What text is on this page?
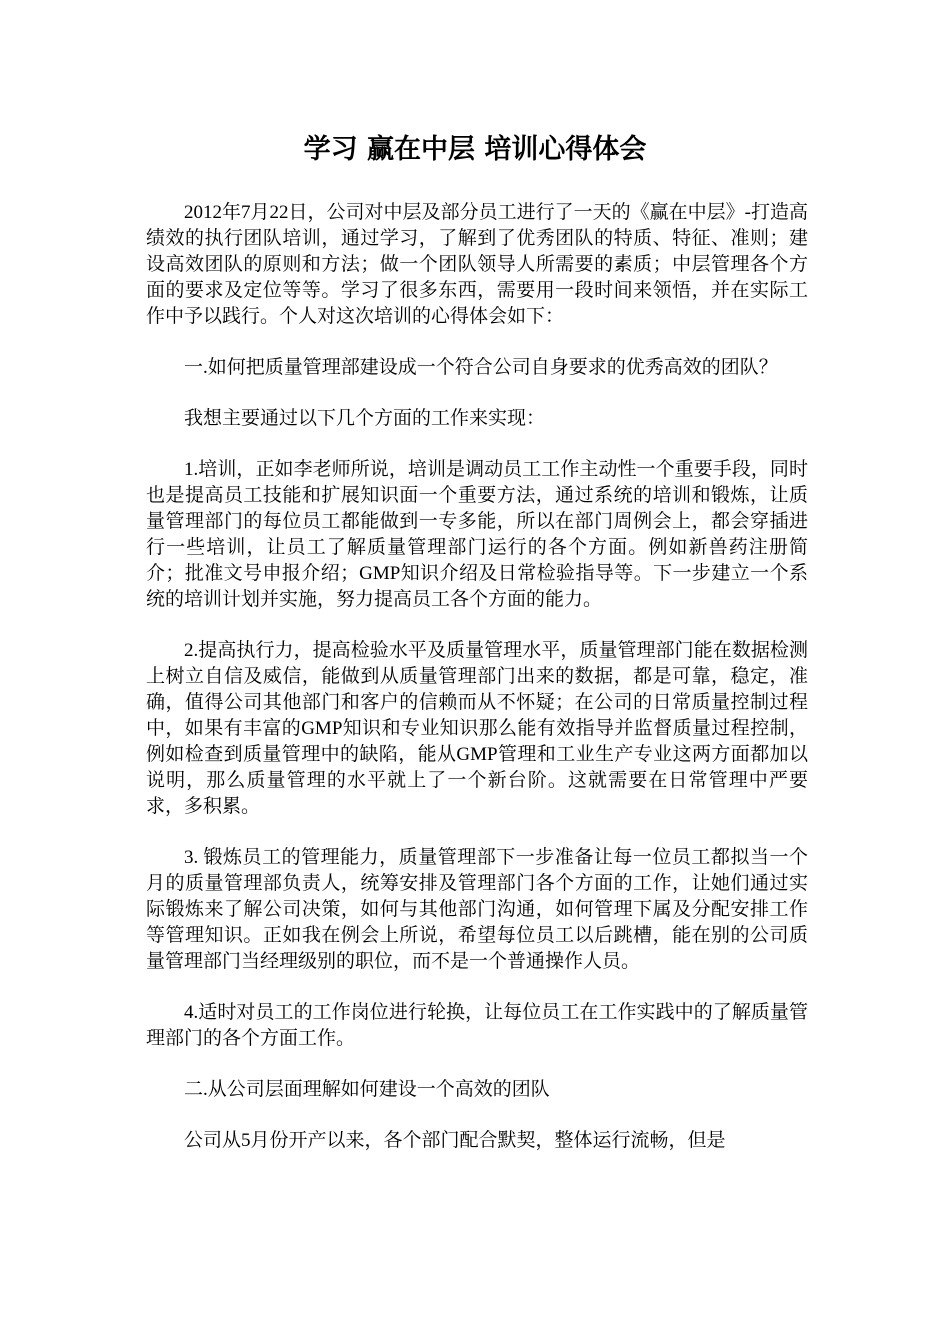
学习 赢在中层 培训心得体会

2012年7月22日，公司对中层及部分员工进行了一天的《赢在中层》-打造高绩效的执行团队培训，通过学习，了解到了优秀团队的特质、特征、准则；建设高效团队的原则和方法；做一个团队领导人所需要的素质；中层管理各个方面的要求及定位等等。学习了很多东西，需要用一段时间来领悟，并在实际工作中予以践行。个人对这次培训的心得体会如下：

一.如何把质量管理部建设成一个符合公司自身要求的优秀高效的团队？

我想主要通过以下几个方面的工作来实现：

1.培训，正如李老师所说，培训是调动员工工作主动性一个重要手段，同时也是提高员工技能和扩展知识面一个重要方法，通过系统的培训和锻炼，让质量管理部门的每位员工都能做到一专多能，所以在部门周例会上，都会穿插进行一些培训，让员工了解质量管理部门运行的各个方面。例如新兽药注册简介；批准文号申报介绍；GMP知识介绍及日常检验指导等。下一步建立一个系统的培训计划并实施，努力提高员工各个方面的能力。

2.提高执行力，提高检验水平及质量管理水平，质量管理部门能在数据检测上树立自信及威信，能做到从质量管理部门出来的数据，都是可靠，稳定，准确，值得公司其他部门和客户的信赖而从不怀疑；在公司的日常质量控制过程中，如果有丰富的GMP知识和专业知识那么能有效指导并监督质量过程控制，例如检查到质量管理中的缺陷，能从GMP管理和工业生产专业这两方面都加以说明，那么质量管理的水平就上了一个新台阶。这就需要在日常管理中严要求，多积累。

3. 锻炼员工的管理能力，质量管理部下一步准备让每一位员工都拟当一个月的质量管理部负责人，统筹安排及管理部门各个方面的工作，让她们通过实际锻炼来了解公司决策，如何与其他部门沟通，如何管理下属及分配安排工作等管理知识。正如我在例会上所说，希望每位员工以后跳槽，能在别的公司质量管理部门当经理级别的职位，而不是一个普通操作人员。

4.适时对员工的工作岗位进行轮换，让每位员工在工作实践中的了解质量管理部门的各个方面工作。

二.从公司层面理解如何建设一个高效的团队

公司从5月份开产以来，各个部门配合默契，整体运行流畅，但是
